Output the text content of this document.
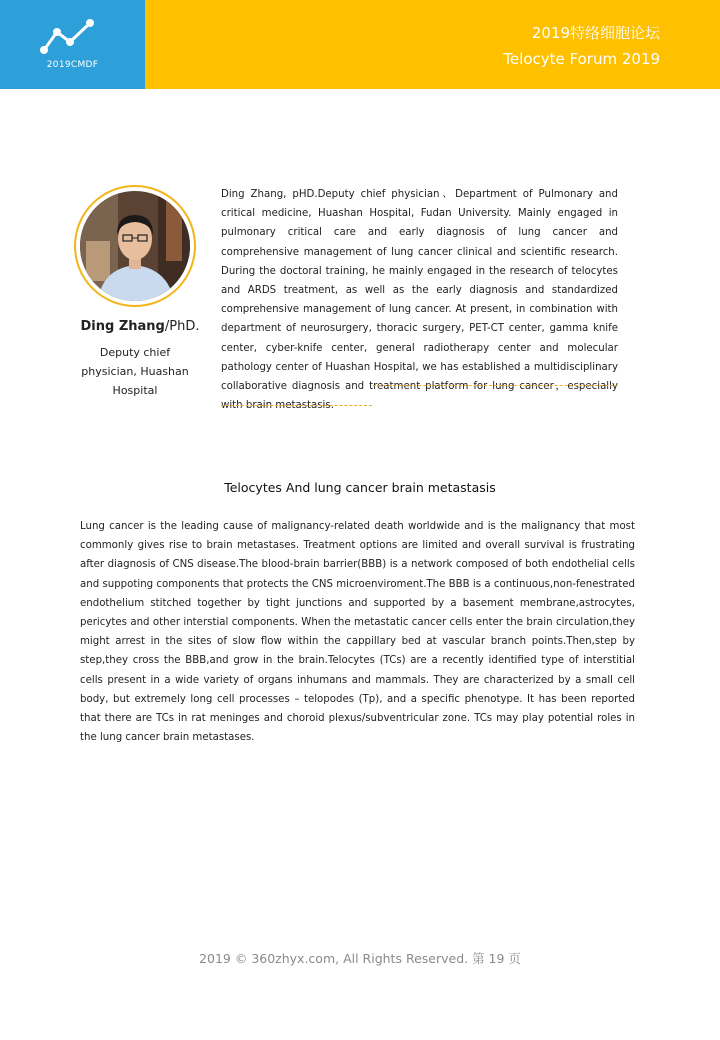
2019CMDF
2019特络细胞论坛
Telocyte Forum 2019
Ding Zhang/PhD.
Deputy chief physician, Huashan Hospital
Ding Zhang, pHD.Deputy chief physician、Department of Pulmonary and critical medicine, Huashan Hospital, Fudan University. Mainly engaged in pulmonary critical care and early diagnosis of lung cancer and comprehensive management of lung cancer clinical and scientific research. During the doctoral training, he mainly engaged in the research of telocytes and ARDS treatment, as well as the early diagnosis and standardized comprehensive management of lung cancer. At present, in combination with department of neurosurgery, thoracic surgery, PET-CT center, gamma knife center, cyber-knife center, general radiotherapy center and molecular pathology center of Huashan Hospital, we has established a multidisciplinary collaborative diagnosis and treatment platform for lung cancer，especially with brain metastasis.
Telocytes And lung cancer brain metastasis
Lung cancer is the leading cause of malignancy-related death worldwide and is the malignancy that most commonly gives rise to brain metastases. Treatment options are limited and overall survival is frustrating after diagnosis of CNS disease.The blood-brain barrier(BBB) is a network composed of both endothelial cells and suppoting components that protects the CNS microenviroment.The BBB is a continuous,non-fenestrated endothelium stitched together by tight junctions and supported by a basement membrane,astrocytes, pericytes and other interstial components. When the metastatic cancer cells enter the brain circulation,they might arrest in the sites of slow flow within the cappillary bed at vascular branch points.Then,step by step,they cross the BBB,and grow in the brain.Telocytes (TCs) are a recently identified type of interstitial cells present in a wide variety of organs inhumans and mammals. They are characterized by a small cell body, but extremely long cell processes – telopodes (Tp), and a specific phenotype. It has been reported that there are TCs in rat meninges and choroid plexus/subventricular zone. TCs may play potential roles in the lung cancer brain metastases.
2019 © 360zhyx.com, All Rights Reserved. 第 19 页
